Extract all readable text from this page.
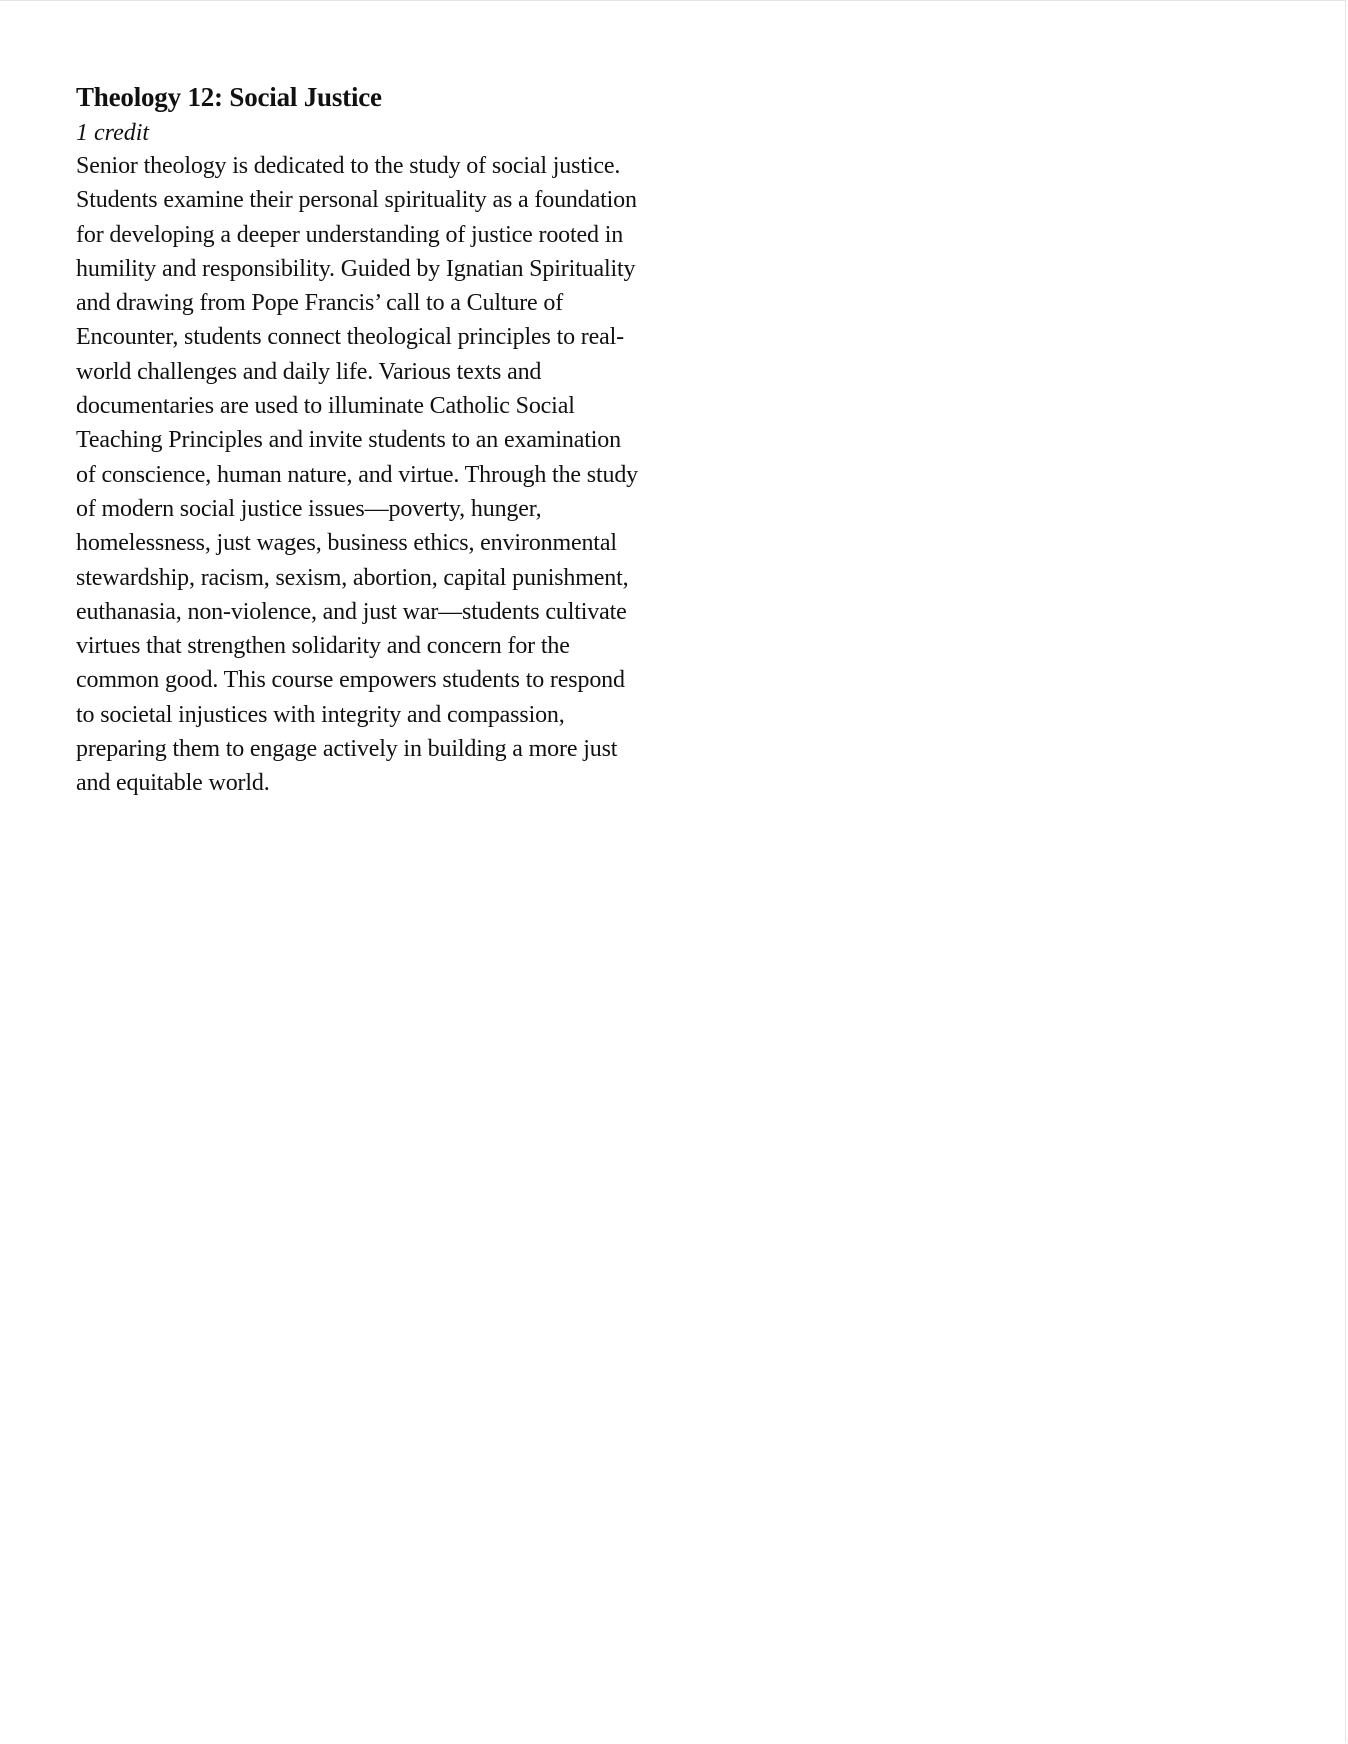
Theology 12: Social Justice

1 credit

Senior theology is dedicated to the study of social justice. Students examine their personal spirituality as a foundation for developing a deeper understanding of justice rooted in humility and responsibility. Guided by Ignatian Spirituality and drawing from Pope Francis’ call to a Culture of Encounter, students connect theological principles to real-world challenges and daily life. Various texts and documentaries are used to illuminate Catholic Social Teaching Principles and invite students to an examination of conscience, human nature, and virtue. Through the study of modern social justice issues—poverty, hunger, homelessness, just wages, business ethics, environmental stewardship, racism, sexism, abortion, capital punishment, euthanasia, non-violence, and just war—students cultivate virtues that strengthen solidarity and concern for the common good. This course empowers students to respond to societal injustices with integrity and compassion, preparing them to engage actively in building a more just and equitable world.
